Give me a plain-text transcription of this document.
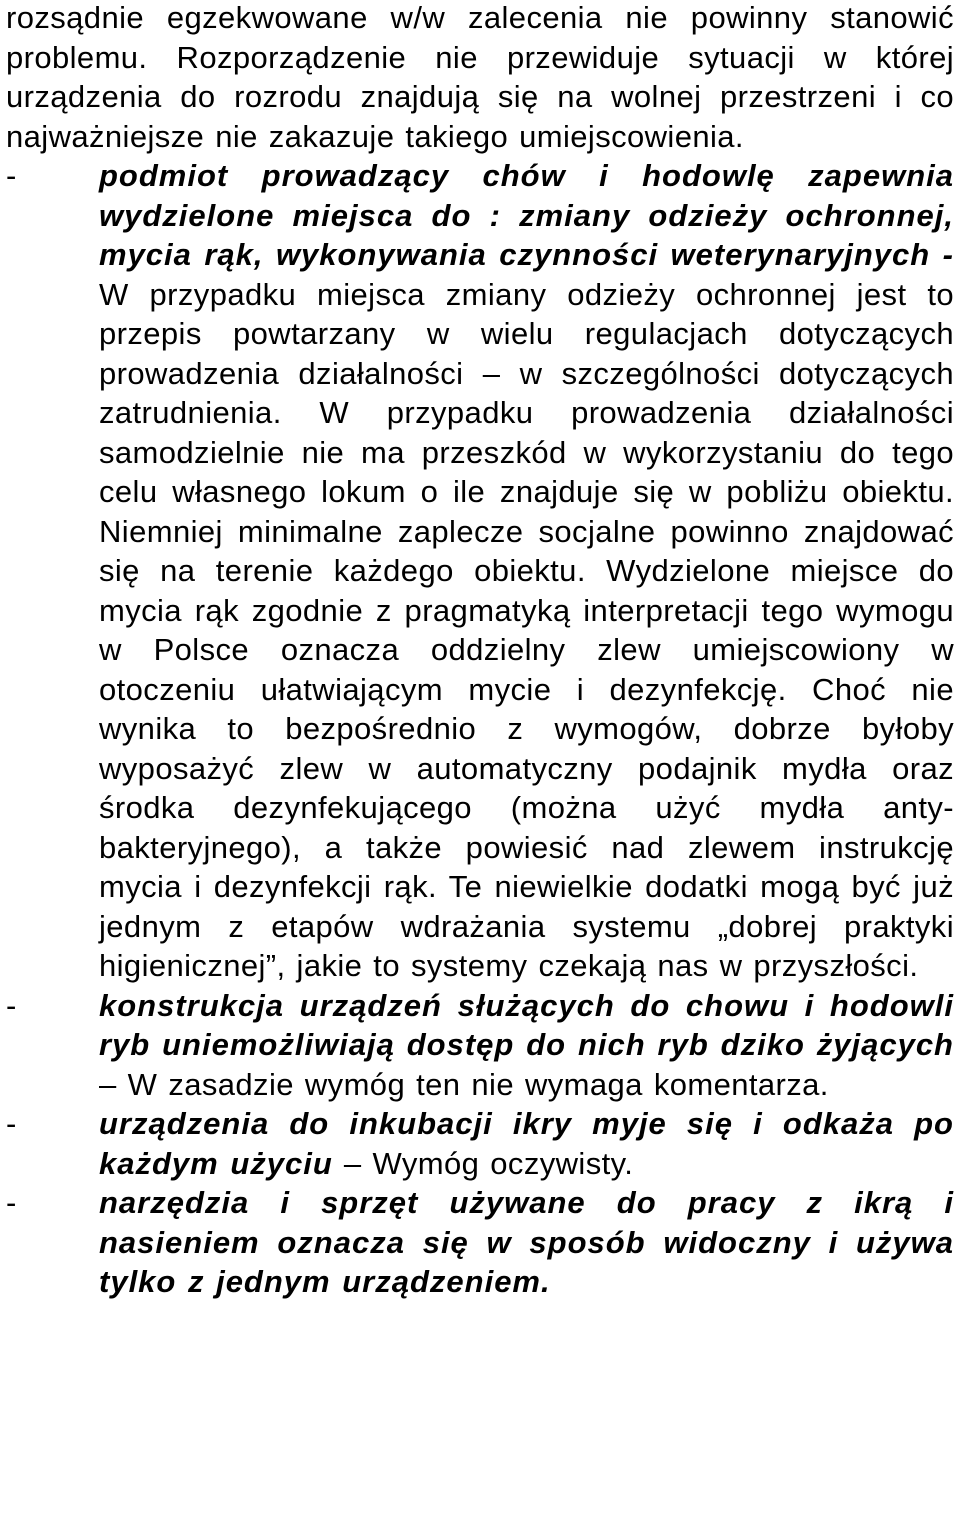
rozsądnie egzekwowane w/w zalecenia nie powinny stanowić problemu. Rozporządzenie nie przewiduje sytuacji w której urządzenia do rozrodu znajdują się na wolnej przestrzeni i co najważniejsze nie zakazuje takiego umiejscowienia.

-	podmiot prowadzący chów i hodowlę zapewnia wydzielone miejsca do : zmiany odzieży ochronnej, mycia rąk, wykonywania czynności weterynaryjnych - W przypadku miejsca zmiany odzieży ochronnej jest to przepis powtarzany w wielu regulacjach dotyczących prowadzenia działalności – w szczególności dotyczących zatrudnienia. W przypadku prowadzenia działalności samodzielnie nie ma przeszkód w wykorzystaniu do tego celu własnego lokum o ile znajduje się w pobliżu obiektu. Niemniej minimalne zaplecze socjalne powinno znajdować się na terenie każdego obiektu. Wydzielone miejsce do mycia rąk zgodnie z pragmatyką interpretacji tego wymogu w Polsce oznacza oddzielny zlew umiejscowiony w otoczeniu ułatwiającym mycie i dezynfekcję. Choć nie wynika to bezpośrednio z wymogów, dobrze byłoby wyposażyć zlew w automatyczny podajnik mydła oraz środka dezynfekującego (można użyć mydła anty-bakteryjnego), a także powiesić nad zlewem instrukcję mycia i dezynfekcji rąk. Te niewielkie dodatki mogą być już jednym z etapów wdrażania systemu „dobrej praktyki higienicznej”, jakie to systemy czekają nas w przyszłości.

-	konstrukcja urządzeń służących do chowu i hodowli ryb uniemożliwiają dostęp do nich ryb dziko żyjących – W zasadzie wymóg ten nie wymaga komentarza.

-	urządzenia do inkubacji ikry myje się i odkaża po każdym użyciu – Wymóg oczywisty.

-	narzędzia i sprzęt używane do pracy z ikrą i nasieniem oznacza się w sposób widoczny i używa tylko z jednym urządzeniem.
